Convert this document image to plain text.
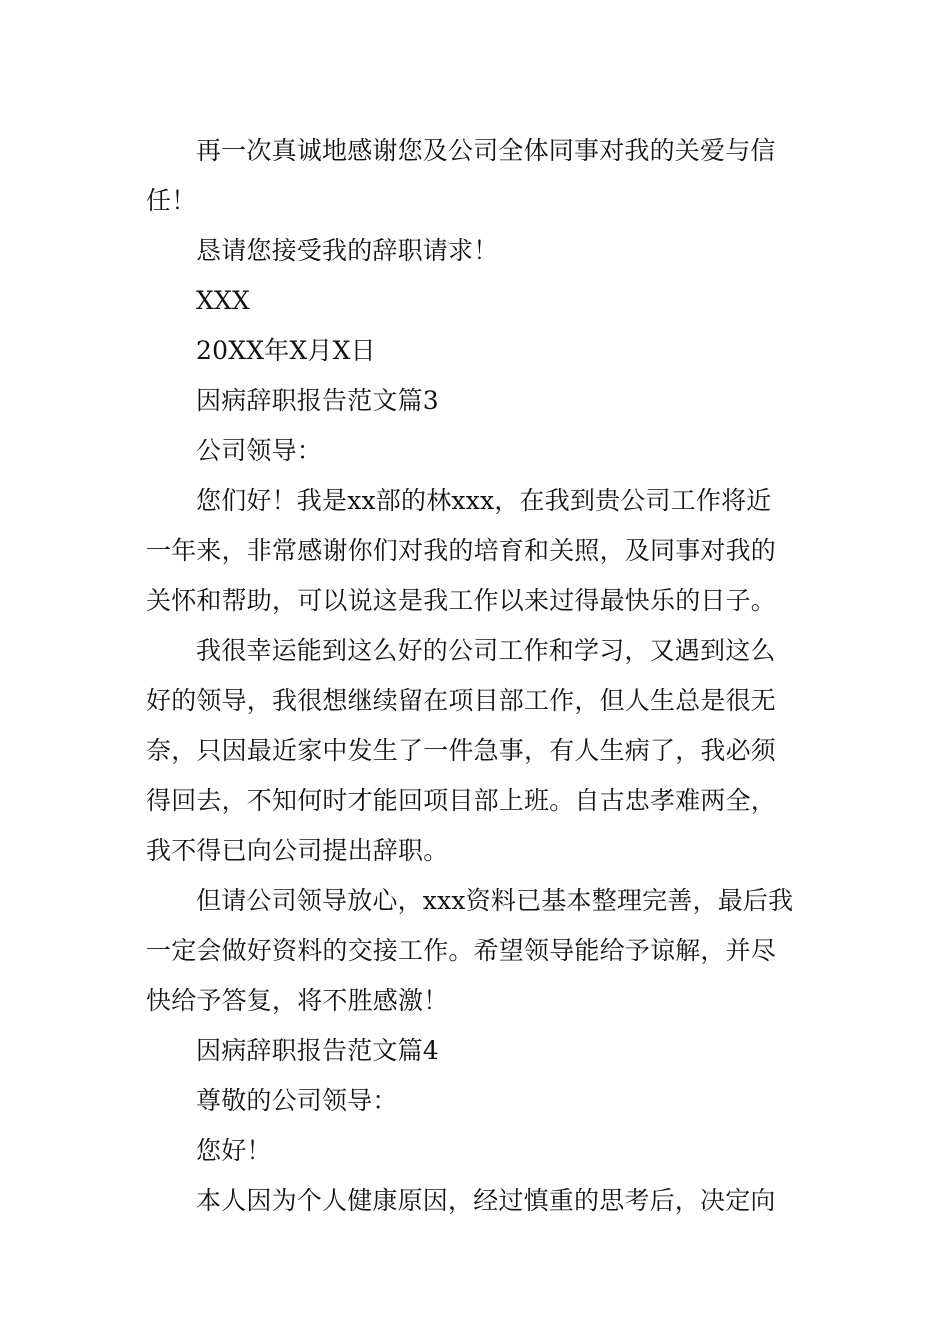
再一次真诚地感谢您及公司全体同事对我的关爱与信
任！
恳请您接受我的辞职请求！
XXX
20XX年X月X日
因病辞职报告范文篇3
公司领导：
您们好！我是xx部的林xxx，在我到贵公司工作将近
一年来，非常感谢你们对我的培育和关照，及同事对我的
关怀和帮助，可以说这是我工作以来过得最快乐的日子。
我很幸运能到这么好的公司工作和学习，又遇到这么
好的领导，我很想继续留在项目部工作，但人生总是很无
奈，只因最近家中发生了一件急事，有人生病了，我必须
得回去，不知何时才能回项目部上班。自古忠孝难两全，
我不得已向公司提出辞职。
但请公司领导放心，xxx资料已基本整理完善，最后我
一定会做好资料的交接工作。希望领导能给予谅解，并尽
快给予答复，将不胜感激！
因病辞职报告范文篇4
尊敬的公司领导：
您好！
本人因为个人健康原因，经过慎重的思考后，决定向
